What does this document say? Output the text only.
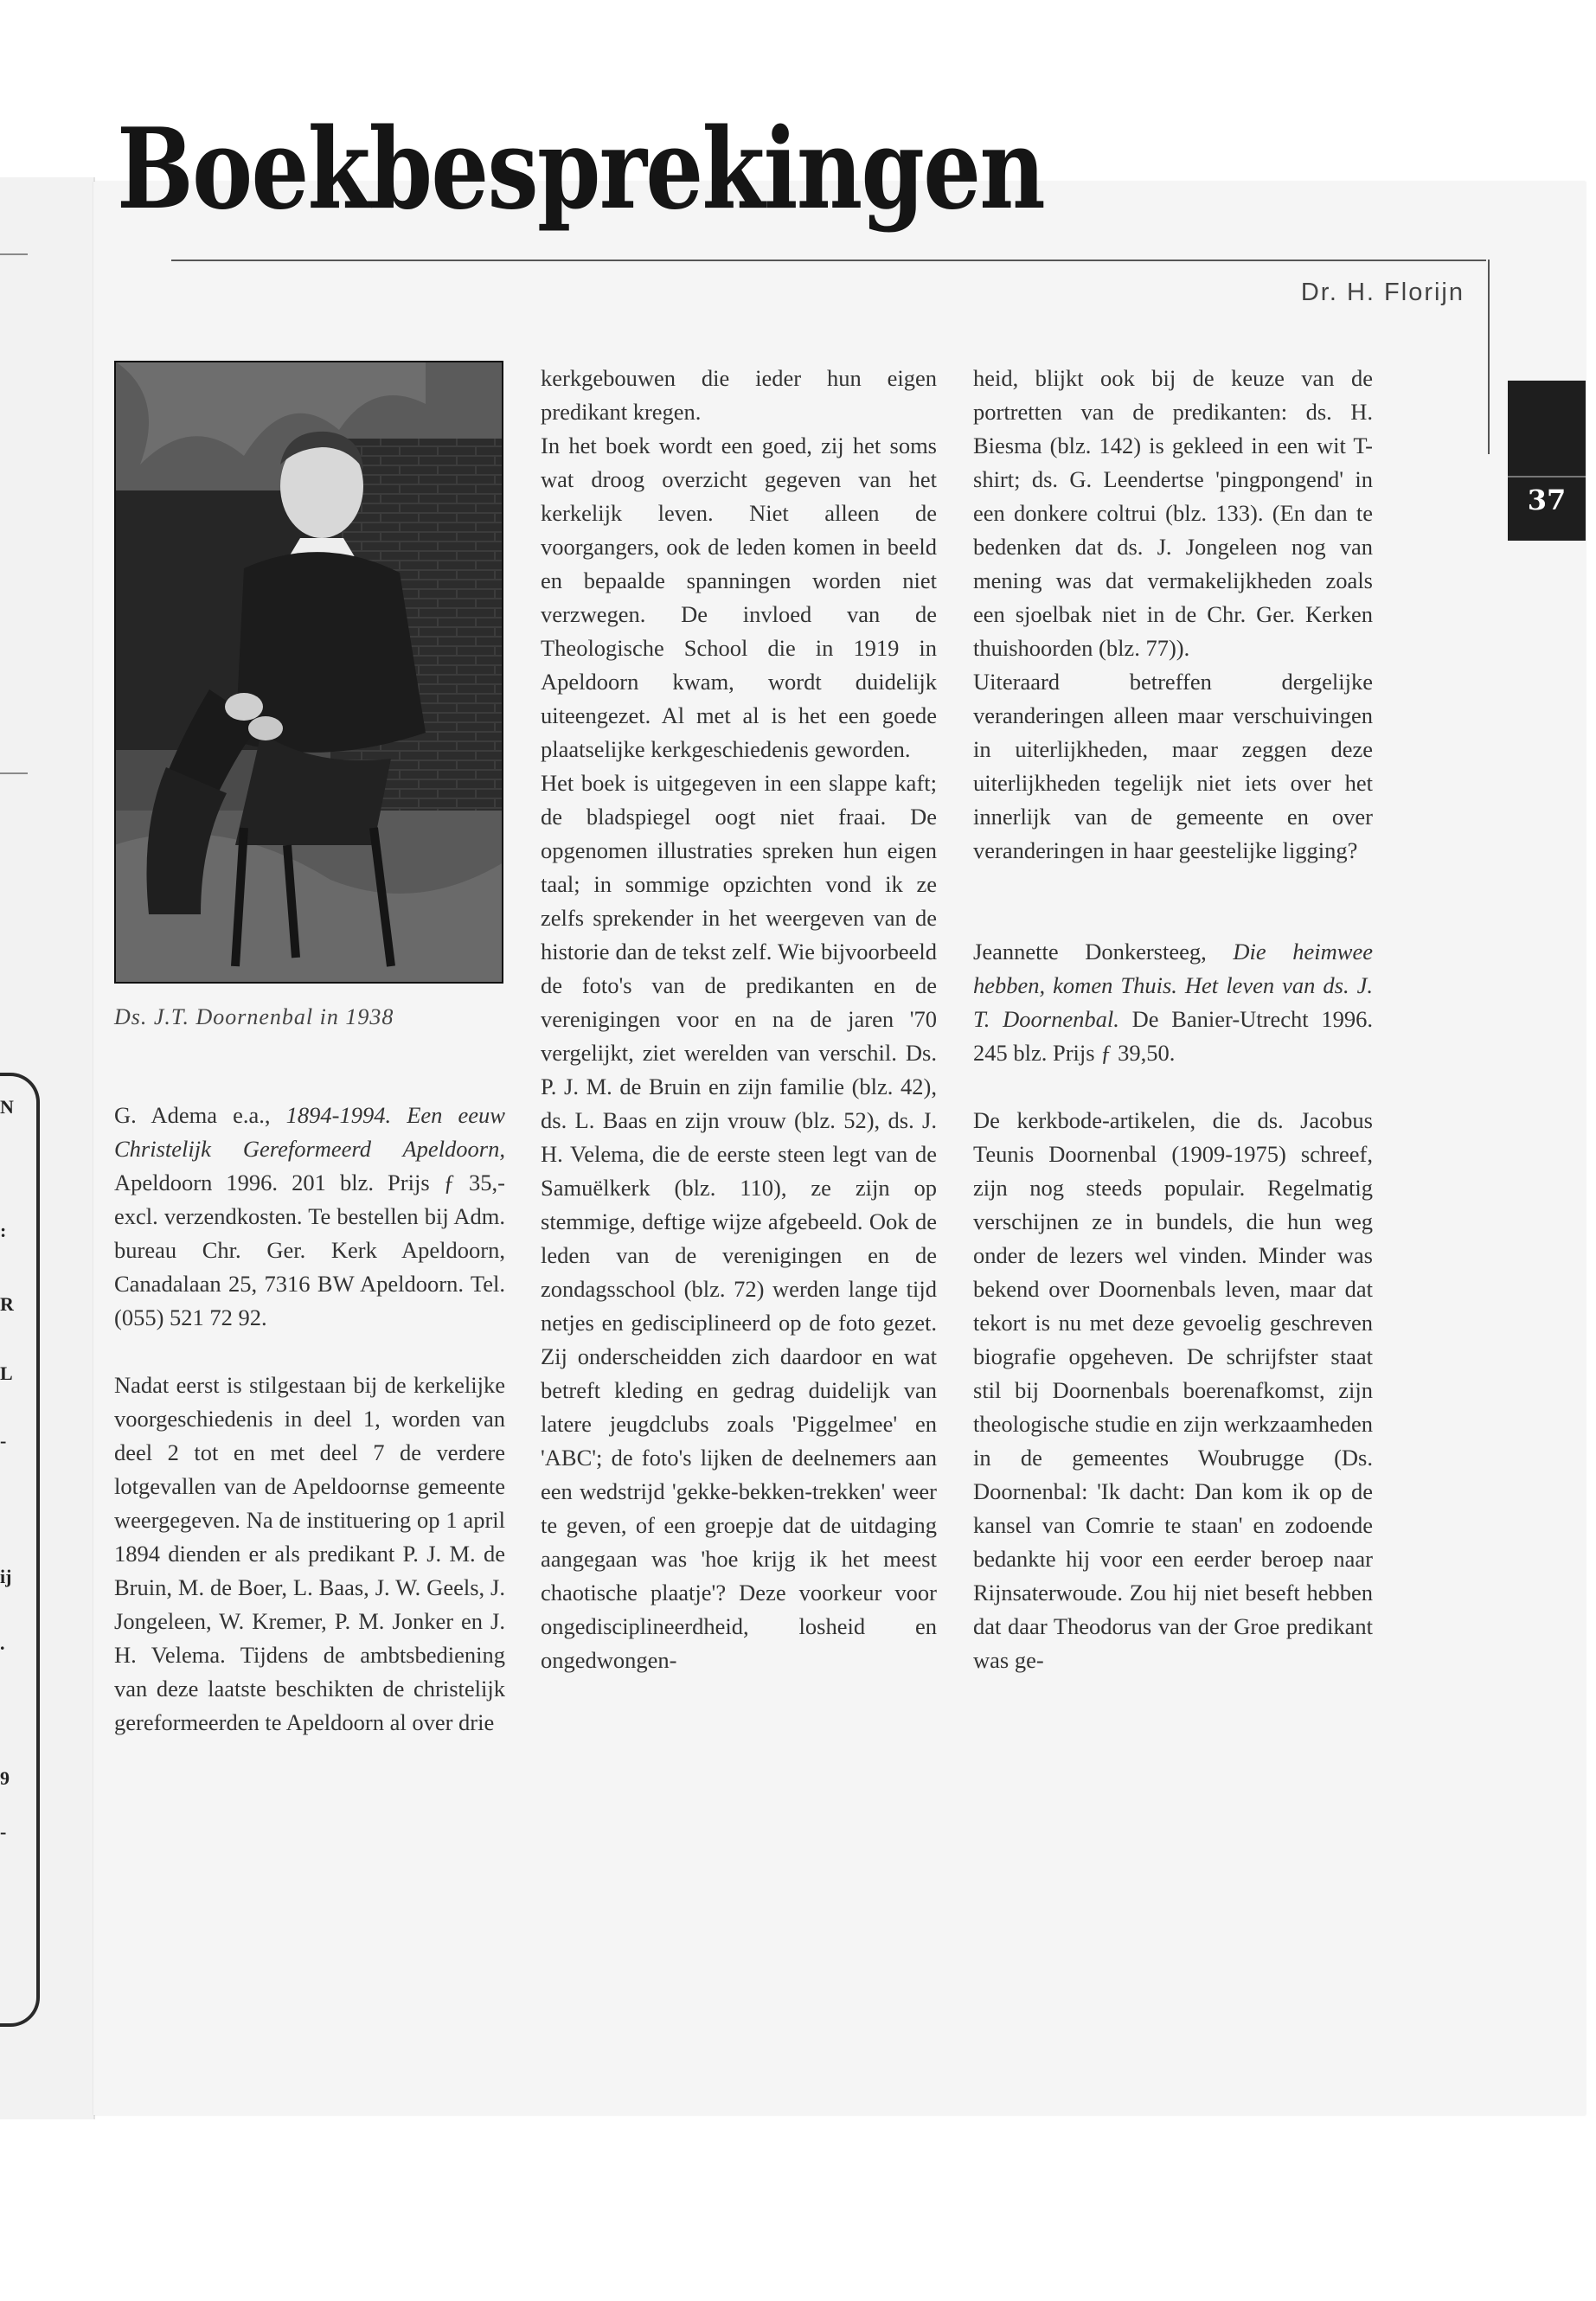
N
:
R
L
-
ij
.
9
-
Dr. H. Florijn
37
Boekbesprekingen
Ds. J.T. Doornenbal in 1938

G. Adema e.a., 1894-1994. Een eeuw Christelijk Gereformeerd Apeldoorn, Apeldoorn 1996. 201 blz. Prijs ƒ 35,- excl. verzendkosten. Te bestellen bij Adm. bureau Chr. Ger. Kerk Apeldoorn, Canadalaan 25, 7316 BW Apeldoorn. Tel. (055) 521 72 92.

Nadat eerst is stilgestaan bij de kerkelijke voorgeschiedenis in deel 1, worden van deel 2 tot en met deel 7 de verdere lotgevallen van de Apeldoornse gemeente weergegeven. Na de instituering op 1 april 1894 dienden er als predikant P. J. M. de Bruin, M. de Boer, L. Baas, J. W. Geels, J. Jongeleen, W. Kremer, P. M. Jonker en J. H. Velema. Tijdens de ambtsbediening van deze laatste beschikten de christelijk gereformeerden te Apeldoorn al over drie

kerkgebouwen die ieder hun eigen predikant kregen.

In het boek wordt een goed, zij het soms wat droog overzicht gegeven van het kerkelijk leven. Niet alleen de voorgangers, ook de leden komen in beeld en bepaalde spanningen worden niet verzwegen. De invloed van de Theologische School die in 1919 in Apeldoorn kwam, wordt duidelijk uiteengezet. Al met al is het een goede plaatselijke kerkgeschiedenis geworden.

Het boek is uitgegeven in een slappe kaft; de bladspiegel oogt niet fraai. De opgenomen illustraties spreken hun eigen taal; in sommige opzichten vond ik ze zelfs sprekender in het weergeven van de historie dan de tekst zelf. Wie bijvoorbeeld de foto's van de predikanten en de verenigingen voor en na de jaren '70 vergelijkt, ziet werelden van verschil. Ds. P. J. M. de Bruin en zijn familie (blz. 42), ds. L. Baas en zijn vrouw (blz. 52), ds. J. H. Velema, die de eerste steen legt van de Samuëlkerk (blz. 110), ze zijn op stemmige, deftige wijze afgebeeld. Ook de leden van de verenigingen en de zondagsschool (blz. 72) werden lange tijd netjes en gedisciplineerd op de foto gezet. Zij onderscheidden zich daardoor en wat betreft kleding en gedrag duidelijk van latere jeugdclubs zoals 'Piggelmee' en 'ABC'; de foto's lijken de deelnemers aan een wedstrijd 'gekke-bekken-trekken' weer te geven, of een groepje dat de uitdaging aangegaan was 'hoe krijg ik het meest chaotische plaatje'? Deze voorkeur voor ongedisciplineerdheid, losheid en ongedwongen-

heid, blijkt ook bij de keuze van de portretten van de predikanten: ds. H. Biesma (blz. 142) is gekleed in een wit T-shirt; ds. G. Leendertse 'pingpongend' in een donkere coltrui (blz. 133). (En dan te bedenken dat ds. J. Jongeleen nog van mening was dat vermakelijkheden zoals een sjoelbak niet in de Chr. Ger. Kerken thuishoorden (blz. 77)).

Uiteraard betreffen dergelijke veranderingen alleen maar verschuivingen in uiterlijkheden, maar zeggen deze uiterlijkheden tegelijk niet iets over het innerlijk van de gemeente en over veranderingen in haar geestelijke ligging?

Jeannette Donkersteeg, Die heimwee hebben, komen Thuis. Het leven van ds. J. T. Doornenbal. De Banier-Utrecht 1996. 245 blz. Prijs ƒ 39,50.

De kerkbode-artikelen, die ds. Jacobus Teunis Doornenbal (1909-1975) schreef, zijn nog steeds populair. Regelmatig verschijnen ze in bundels, die hun weg onder de lezers wel vinden. Minder was bekend over Doornenbals leven, maar dat tekort is nu met deze gevoelig geschreven biografie opgeheven. De schrijfster staat stil bij Doornenbals boerenafkomst, zijn theologische studie en zijn werkzaamheden in de gemeentes Woubrugge (Ds. Doornenbal: 'Ik dacht: Dan kom ik op de kansel van Comrie te staan' en zodoende bedankte hij voor een eerder beroep naar Rijnsaterwoude. Zou hij niet beseft hebben dat daar Theodorus van der Groe predikant was ge-
